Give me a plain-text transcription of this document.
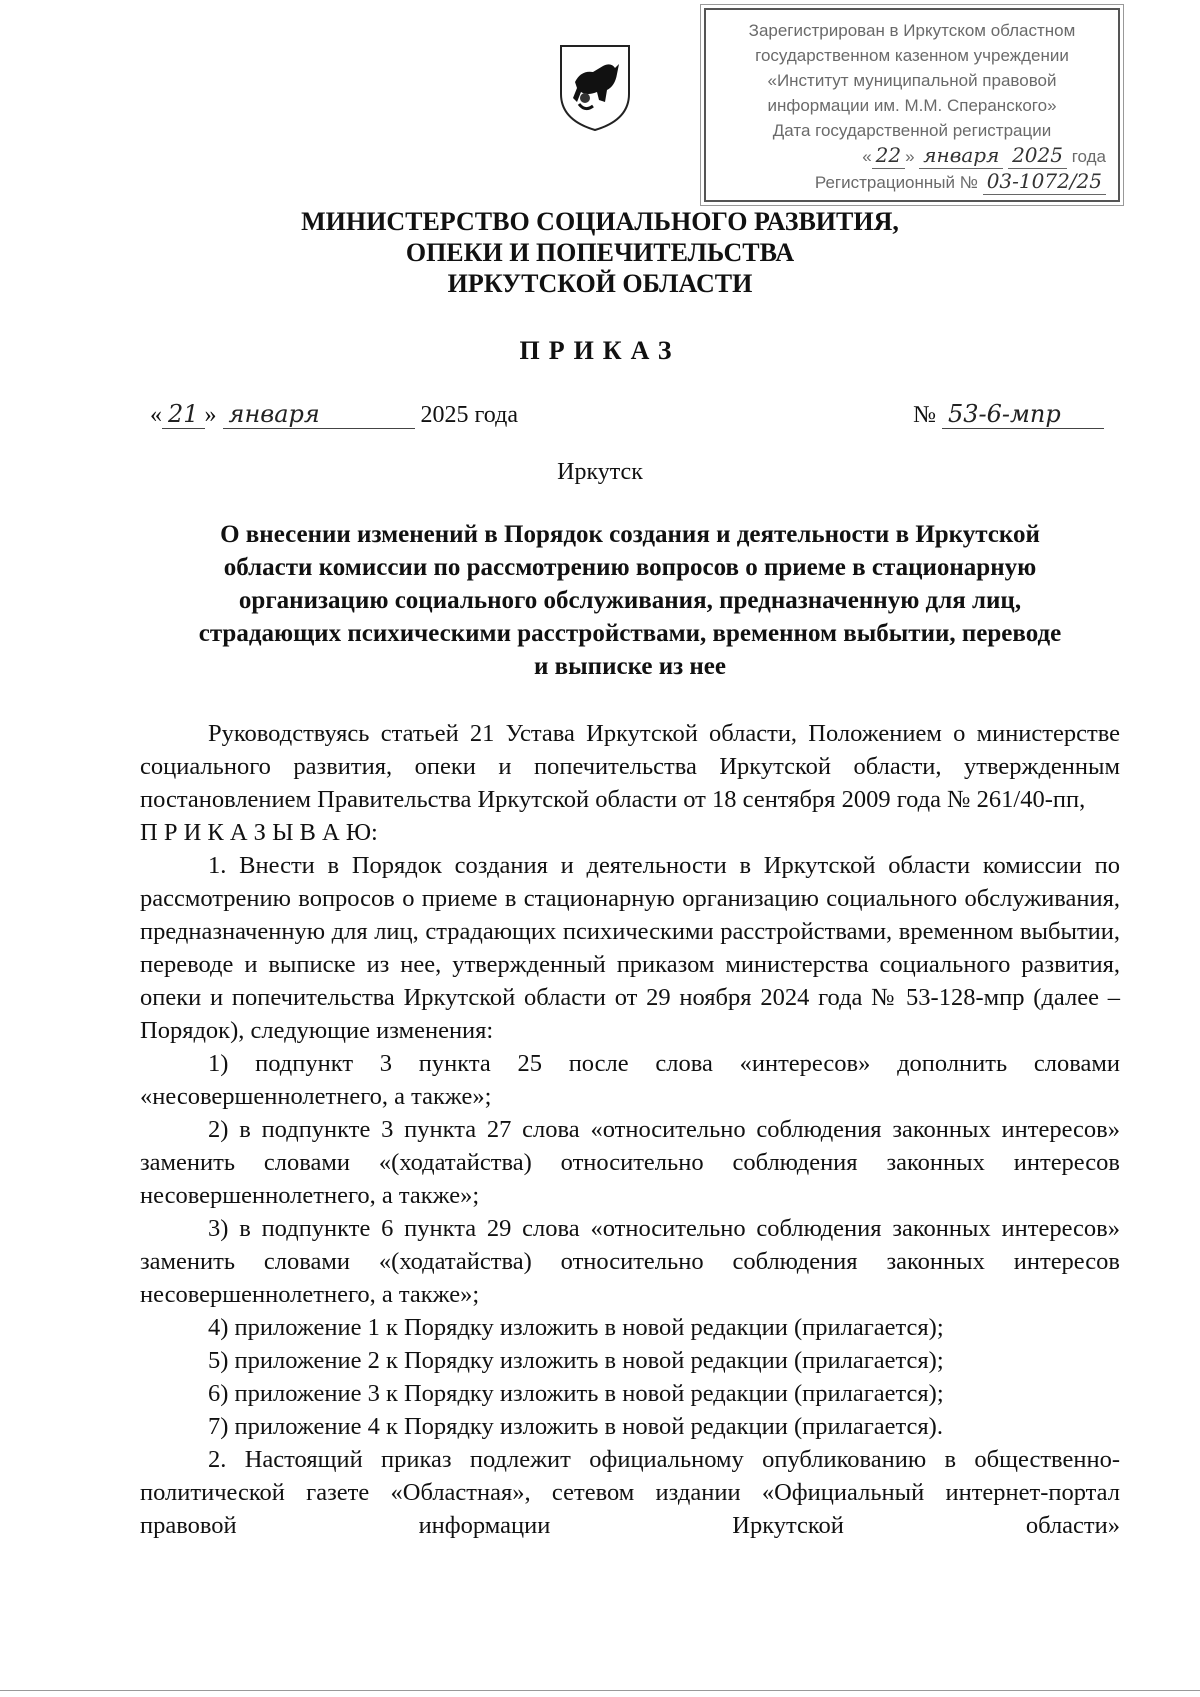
Зарегистрирован в Иркутском областном
государственном казенном учреждении
«Институт муниципальной правовой
информации им. М.М. Сперанского»
Дата государственной регистрации
« 22 » января 2025 года
Регистрационный № 03-1072/25
МИНИСТЕРСТВО СОЦИАЛЬНОГО РАЗВИТИЯ,
ОПЕКИ И ПОПЕЧИТЕЛЬСТВА
ИРКУТСКОЙ ОБЛАСТИ
ПРИКАЗ
« 21 » января	2025 года	№ 53-6-мпр
Иркутск
О внесении изменений в Порядок создания и деятельности в Иркутской
области комиссии по рассмотрению вопросов о приеме в стационарную
организацию социального обслуживания, предназначенную для лиц,
страдающих психическими расстройствами, временном выбытии, переводе
и выписке из нее

Руководствуясь статьей 21 Устава Иркутской области, Положением о министерстве социального развития, опеки и попечительства Иркутской области, утвержденным постановлением Правительства Иркутской области от 18 сентября 2009 года № 261/40-пп,

П Р И К А З Ы В А Ю:

1. Внести в Порядок создания и деятельности в Иркутской области комиссии по рассмотрению вопросов о приеме в стационарную организацию социального обслуживания, предназначенную для лиц, страдающих психическими расстройствами, временном выбытии, переводе и выписке из нее, утвержденный приказом министерства социального развития, опеки и попечительства Иркутской области от 29 ноября 2024 года № 53-128-мпр (далее – Порядок), следующие изменения:

1) подпункт 3 пункта 25 после слова «интересов» дополнить словами «несовершеннолетнего, а также»;

2) в подпункте 3 пункта 27 слова «относительно соблюдения законных интересов» заменить словами «(ходатайства) относительно соблюдения законных интересов несовершеннолетнего, а также»;

3) в подпункте 6 пункта 29 слова «относительно соблюдения законных интересов» заменить словами «(ходатайства) относительно соблюдения законных интересов несовершеннолетнего, а также»;

4) приложение 1 к Порядку изложить в новой редакции (прилагается);

5) приложение 2 к Порядку изложить в новой редакции (прилагается);

6) приложение 3 к Порядку изложить в новой редакции (прилагается);

7) приложение 4 к Порядку изложить в новой редакции (прилагается).

2. Настоящий приказ подлежит официальному опубликованию в общественно-политической газете «Областная», сетевом издании «Официальный интернет-портал правовой информации Иркутской области»
